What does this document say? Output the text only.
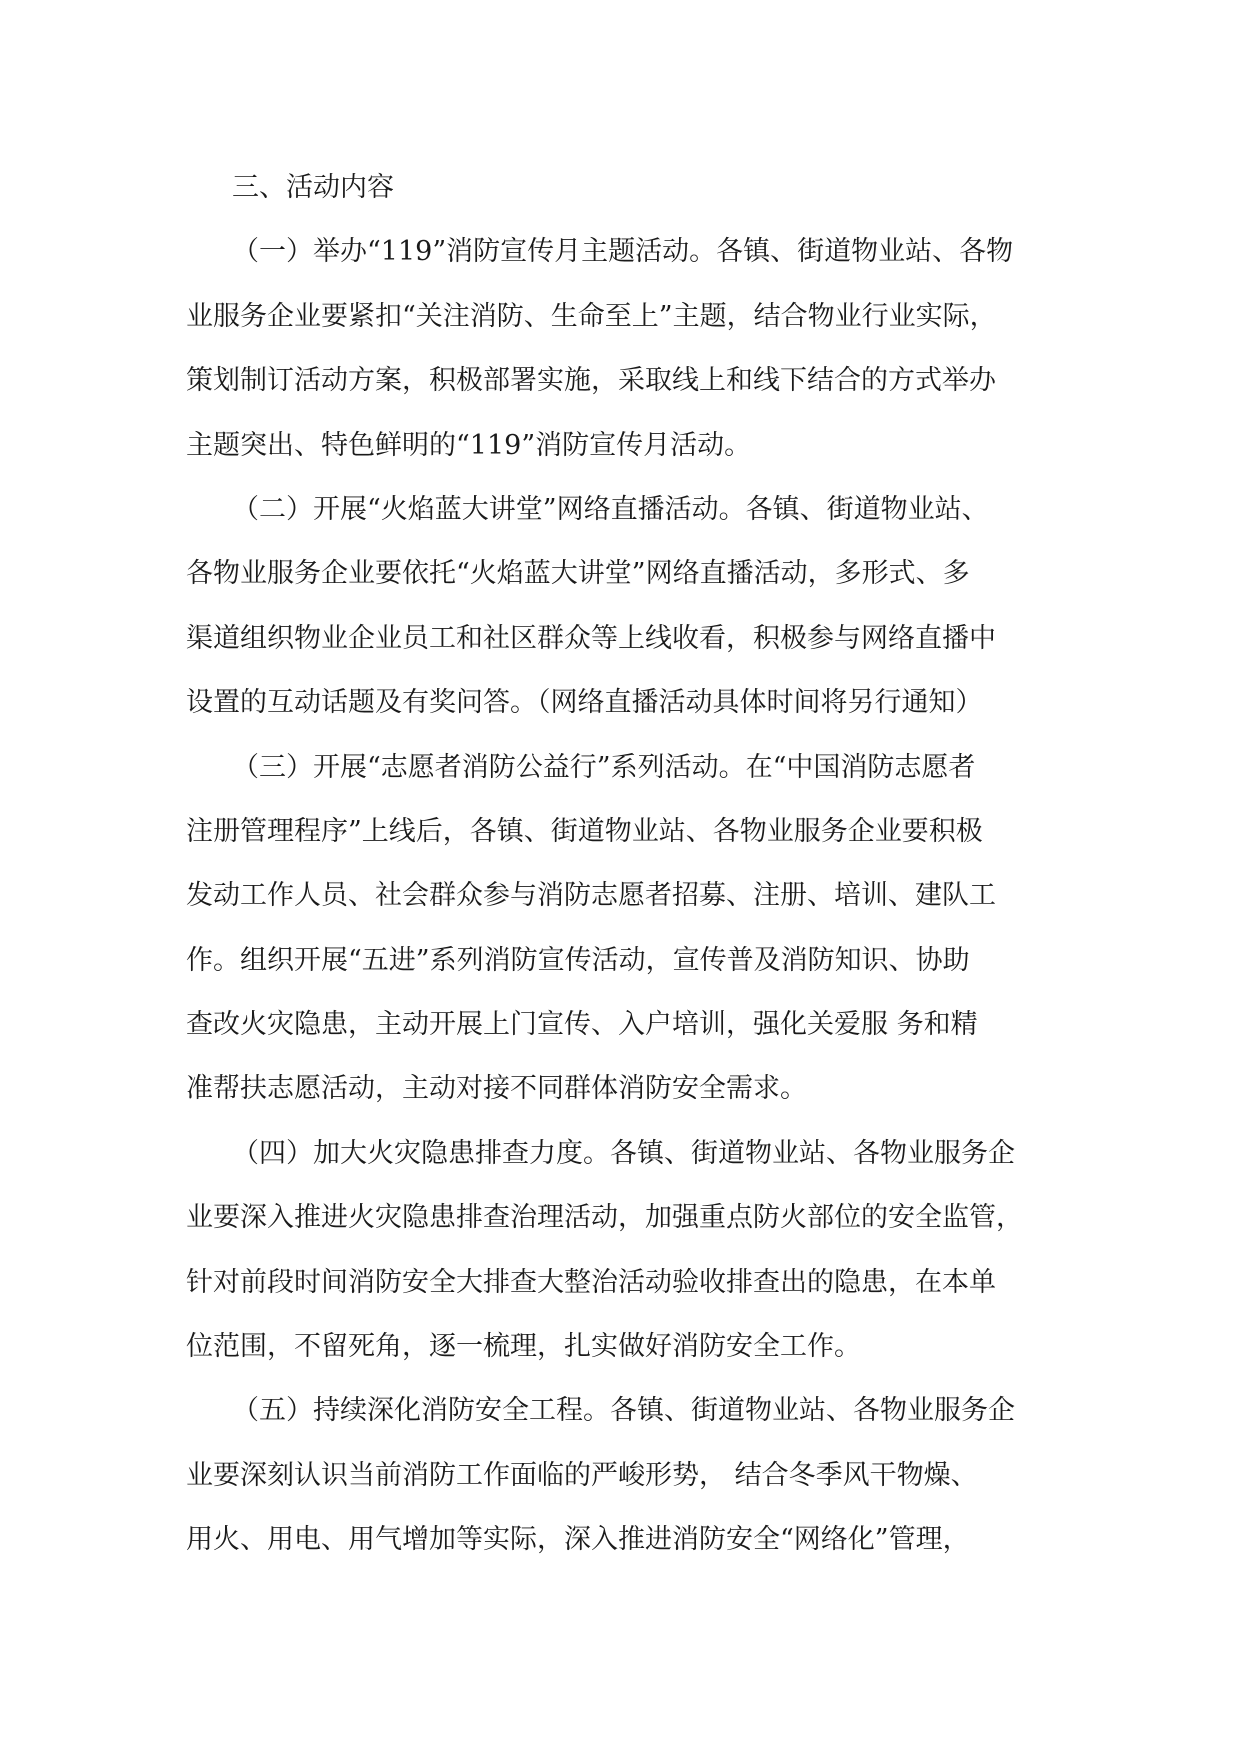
三、活动内容
（一）举办“119”消防宣传月主题活动。各镇、街道物业站、各物
业服务企业要紧扣“关注消防、生命至上”主题，结合物业行业实际，
策划制订活动方案，积极部署实施，采取线上和线下结合的方式举办
主题突出、特色鲜明的“119”消防宣传月活动。
（二）开展“火焰蓝大讲堂”网络直播活动。各镇、街道物业站、
各物业服务企业要依托“火焰蓝大讲堂”网络直播活动，多形式、多
渠道组织物业企业员工和社区群众等上线收看，积极参与网络直播中
设置的互动话题及有奖问答。（网络直播活动具体时间将另行通知）
（三）开展“志愿者消防公益行”系列活动。在“中国消防志愿者
注册管理程序”上线后，各镇、街道物业站、各物业服务企业要积极
发动工作人员、社会群众参与消防志愿者招募、注册、培训、建队工
作。组织开展“五进”系列消防宣传活动，宣传普及消防知识、协助
查改火灾隐患，主动开展上门宣传、入户培训，强化关爱服 务和精
准帮扶志愿活动，主动对接不同群体消防安全需求。
（四）加大火灾隐患排查力度。各镇、街道物业站、各物业服务企
业要深入推进火灾隐患排查治理活动，加强重点防火部位的安全监管，
针对前段时间消防安全大排查大整治活动验收排查出的隐患，在本单
位范围，不留死角，逐一梳理，扎实做好消防安全工作。
（五）持续深化消防安全工程。各镇、街道物业站、各物业服务企
业要深刻认识当前消防工作面临的严峻形势， 结合冬季风干物燥、
用火、用电、用气增加等实际，深入推进消防安全“网络化”管理，
